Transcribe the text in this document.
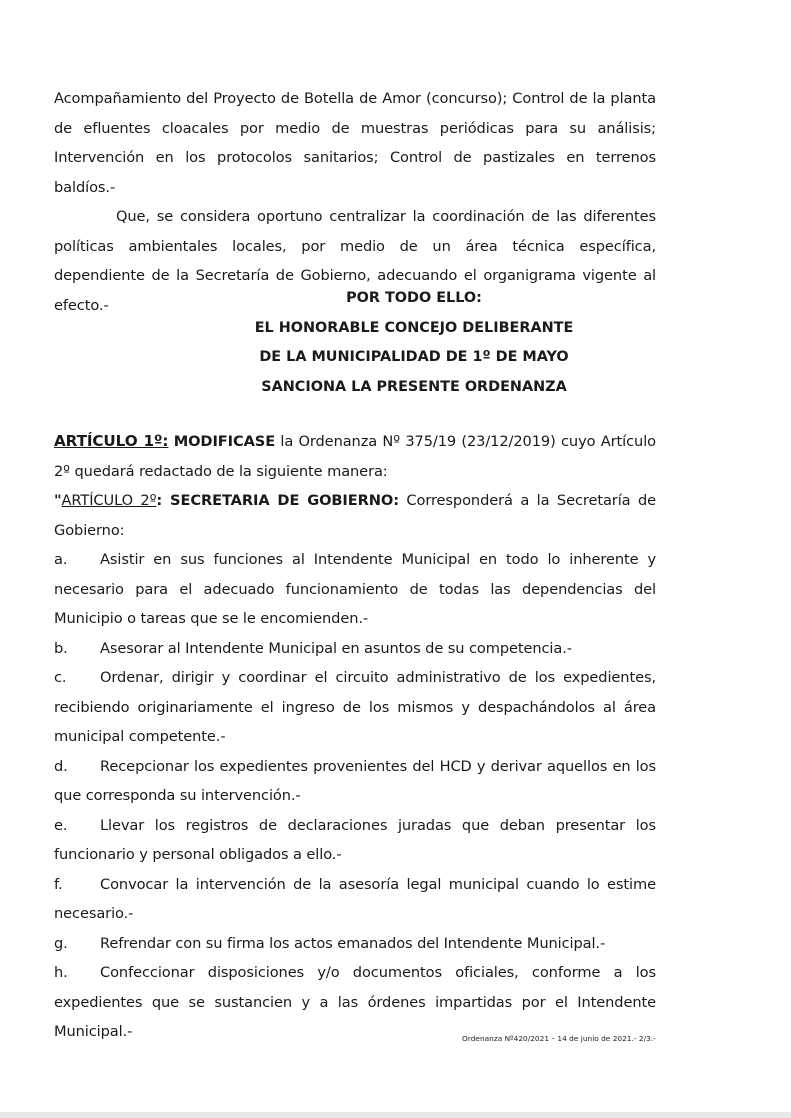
Acompañamiento del Proyecto de Botella de Amor (concurso); Control de la planta de efluentes cloacales por medio de muestras periódicas para su análisis; Intervención en los protocolos sanitarios; Control de pastizales en terrenos baldíos.-

Que, se considera oportuno centralizar la coordinación de las diferentes políticas ambientales locales, por medio de un área técnica específica, dependiente de la Secretaría de Gobierno, adecuando el organigrama vigente al efecto.-	POR TODO ELLO:
EL HONORABLE CONCEJO DELIBERANTE
DE LA MUNICIPALIDAD DE 1º DE MAYO
SANCIONA LA PRESENTE ORDENANZA

ARTÍCULO 1º: MODIFICASE la Ordenanza Nº 375/19 (23/12/2019) cuyo Artículo 2º quedará redactado de la siguiente manera:

"ARTÍCULO 2º: SECRETARIA DE GOBIERNO: Corresponderá a la Secretaría de Gobierno:

a. Asistir en sus funciones al Intendente Municipal en todo lo inherente y necesario para el adecuado funcionamiento de todas las dependencias del Municipio o tareas que se le encomienden.-

b. Asesorar al Intendente Municipal en asuntos de su competencia.-

c. Ordenar, dirigir y coordinar el circuito administrativo de los expedientes, recibiendo originariamente el ingreso de los mismos y despachándolos al área municipal competente.-

d. Recepcionar los expedientes provenientes del HCD y derivar aquellos en los que corresponda su intervención.-

e. Llevar los registros de declaraciones juradas que deban presentar los funcionario y personal obligados a ello.-

f.	Convocar la intervención de la asesoría legal municipal cuando lo estime necesario.-

g. Refrendar con su firma los actos emanados del Intendente Municipal.-

h. Confeccionar disposiciones y/o documentos oficiales, conforme a los expedientes que se sustancien y a las órdenes impartidas por el Intendente Municipal.-	Ordenanza Nº420/2021 – 14 de junio de 2021.- 2/3.-
